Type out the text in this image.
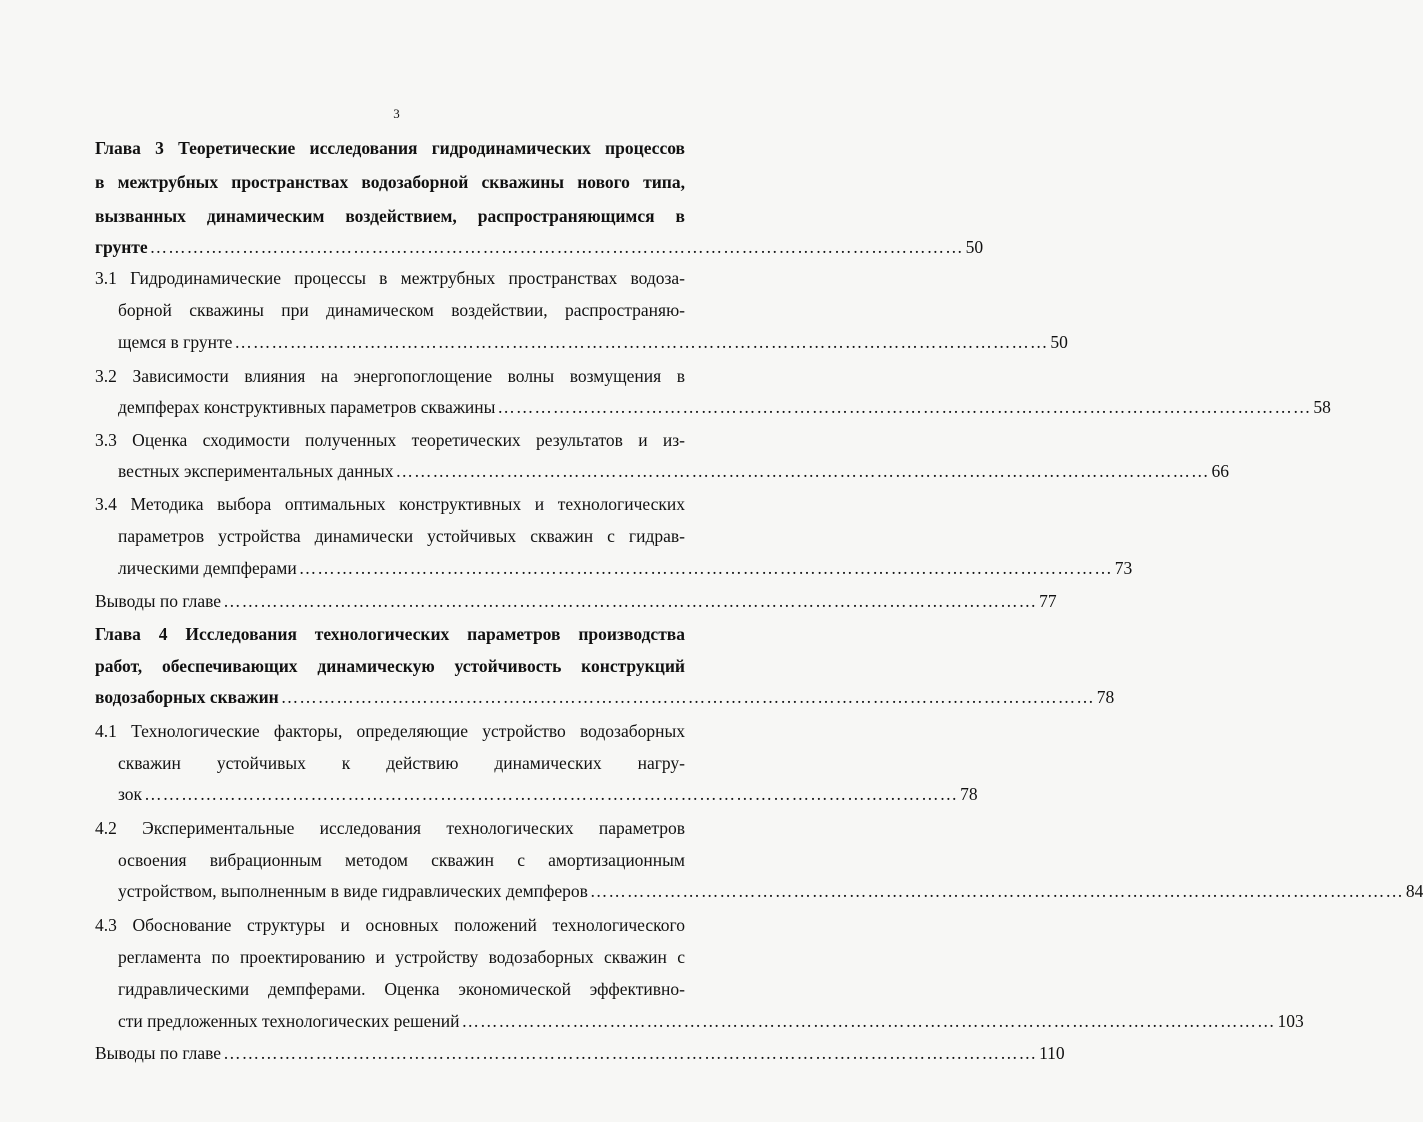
3
Глава 3 Теоретические исследования гидродинамических процессов
в межтрубных пространствах водозаборной скважины нового типа,
вызванных динамическим воздействием, распространяющимся в
грунте …………………………………………………………………………………………………………………… 50
3.1 Гидродинамические процессы в межтрубных пространствах водоза-
борной скважины при динамическом воздействии, распространяю-
щемся в грунте …………………………………………………………………………………………………………………… 50
3.2 Зависимости влияния на энергопоглощение волны возмущения в
демпферах конструктивных параметров скважины …………………………………………………………………………………………………………………… 58
3.3 Оценка сходимости полученных теоретических результатов и из-
вестных экспериментальных данных …………………………………………………………………………………………………………………… 66
3.4 Методика выбора оптимальных конструктивных и технологических
параметров устройства динамически устойчивых скважин с гидрав-
лическими демпферами …………………………………………………………………………………………………………………… 73
Выводы по главе …………………………………………………………………………………………………………………… 77
Глава 4 Исследования технологических параметров производства
работ, обеспечивающих динамическую устойчивость конструкций
водозаборных скважин …………………………………………………………………………………………………………………… 78
4.1 Технологические факторы, определяющие устройство водозаборных
скважин устойчивых к действию динамических нагру-
зок …………………………………………………………………………………………………………………… 78
4.2 Экспериментальные исследования технологических параметров
освоения вибрационным методом скважин с амортизационным
устройством, выполненным в виде гидравлических демпферов …………………………………………………………………………………………………………………… 84
4.3 Обоснование структуры и основных положений технологического
регламента по проектированию и устройству водозаборных скважин с
гидравлическими демпферами. Оценка экономической эффективно-
сти предложенных технологических решений …………………………………………………………………………………………………………………… 103
Выводы по главе …………………………………………………………………………………………………………………… 110
